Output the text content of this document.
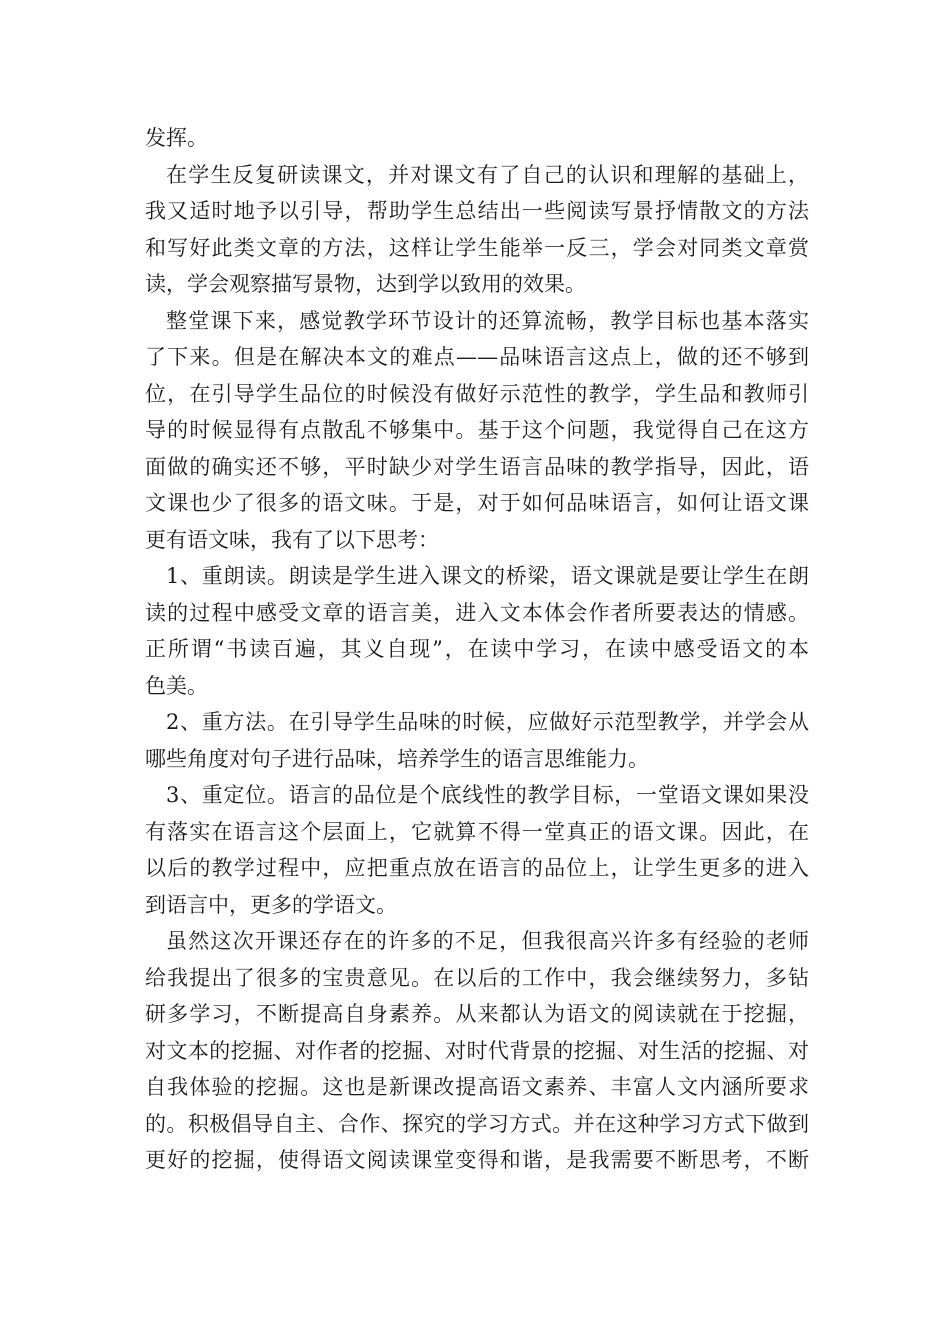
发挥。
在学生反复研读课文，并对课文有了自己的认识和理解的基础上，
我又适时地予以引导，帮助学生总结出一些阅读写景抒情散文的方法
和写好此类文章的方法，这样让学生能举一反三，学会对同类文章赏
读，学会观察描写景物，达到学以致用的效果。
整堂课下来，感觉教学环节设计的还算流畅，教学目标也基本落实
了下来。但是在解决本文的难点——品味语言这点上，做的还不够到
位，在引导学生品位的时候没有做好示范性的教学，学生品和教师引
导的时候显得有点散乱不够集中。基于这个问题，我觉得自己在这方
面做的确实还不够，平时缺少对学生语言品味的教学指导，因此，语
文课也少了很多的语文味。于是，对于如何品味语言，如何让语文课
更有语文味，我有了以下思考：
1、重朗读。朗读是学生进入课文的桥梁，语文课就是要让学生在朗
读的过程中感受文章的语言美，进入文本体会作者所要表达的情感。
正所谓“书读百遍，其义自现”，在读中学习，在读中感受语文的本
色美。
2、重方法。在引导学生品味的时候，应做好示范型教学，并学会从
哪些角度对句子进行品味，培养学生的语言思维能力。
3、重定位。语言的品位是个底线性的教学目标，一堂语文课如果没
有落实在语言这个层面上，它就算不得一堂真正的语文课。因此，在
以后的教学过程中，应把重点放在语言的品位上，让学生更多的进入
到语言中，更多的学语文。
虽然这次开课还存在的许多的不足，但我很高兴许多有经验的老师
给我提出了很多的宝贵意见。在以后的工作中，我会继续努力，多钻
研多学习，不断提高自身素养。从来都认为语文的阅读就在于挖掘，
对文本的挖掘、对作者的挖掘、对时代背景的挖掘、对生活的挖掘、对
自我体验的挖掘。这也是新课改提高语文素养、丰富人文内涵所要求
的。积极倡导自主、合作、探究的学习方式。并在这种学习方式下做到
更好的挖掘，使得语文阅读课堂变得和谐，是我需要不断思考，不断
